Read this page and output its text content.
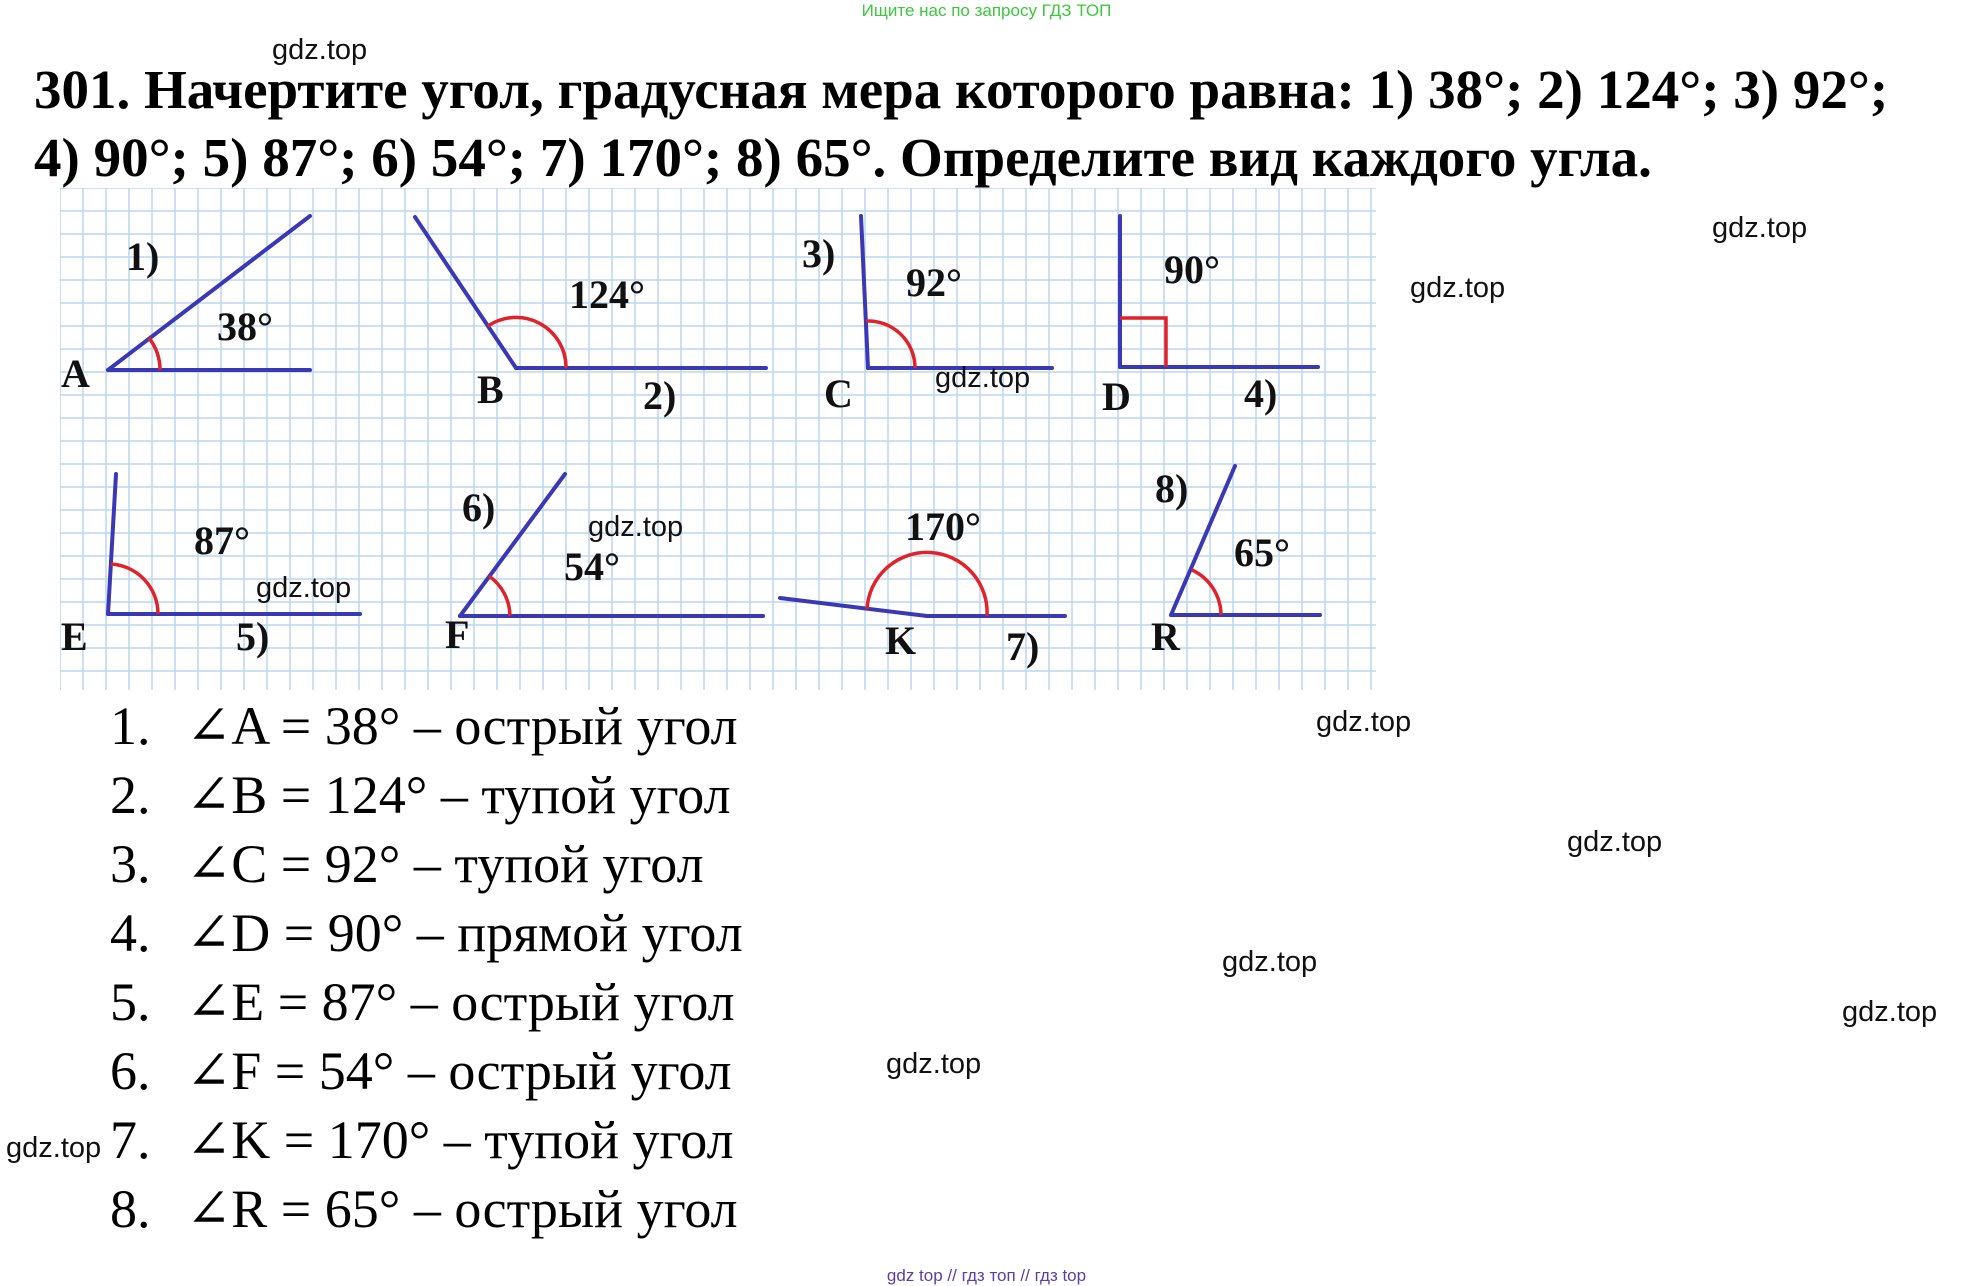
Ищите нас по запросу ГДЗ ТОП

301. Начертите угол, градусная мера которого равна: 1) 38°; 2) 124°; 3) 92°; 4) 90°; 5) 87°; 6) 54°; 7) 170°; 8) 65°. Определите вид каждого угла.

1)
38°
A	2)
124°
B
3)
92°
C	4)
90°
D
5)
87°
E
6)
54°
F	7)
170°
K
8)
65°
R
1. ∠A = 38° – острый угол
2. ∠B = 124° – тупой угол
3. ∠C = 92° – тупой угол
4. ∠D = 90° – прямой угол
5. ∠E = 87° – острый угол
6. ∠F = 54° – острый угол
7. ∠K = 170° – тупой угол
8. ∠R = 65° – острый угол
gdz.top
gdz.top
gdz.top
gdz.top
gdz.top
gdz.top
gdz.top
gdz.top
gdz.top
gdz.top
gdz.top
gdz.top
gdz top // гдз топ // гдз top
